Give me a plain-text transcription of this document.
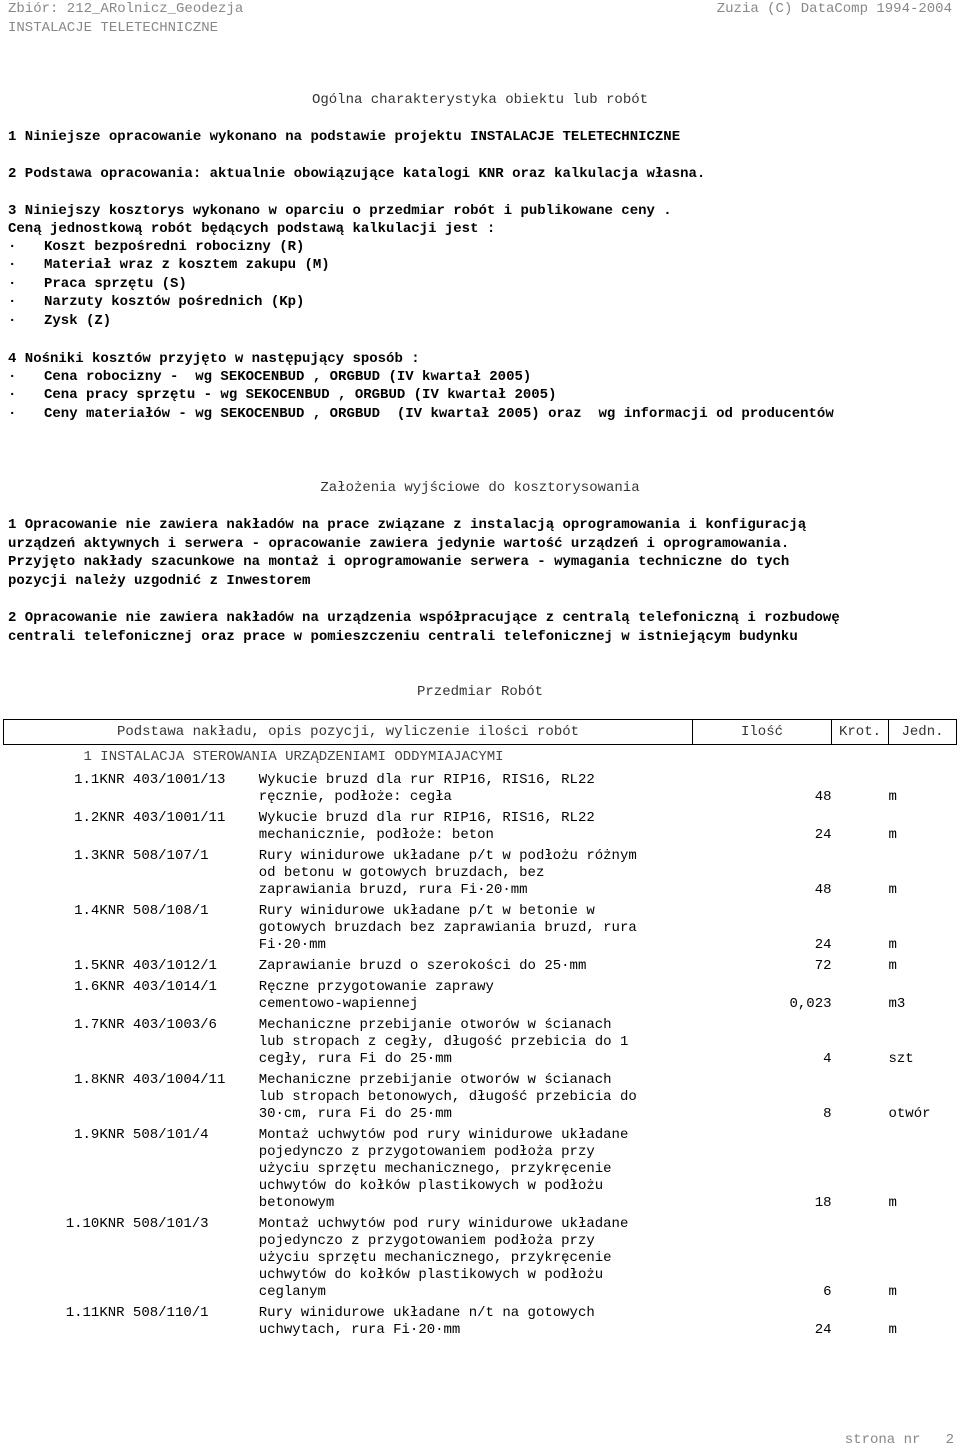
Zbiór: 212_ARolnicz_Geodezja	Zuzia (C) DataComp 1994-2004
INSTALACJE TELETECHNICZNE
Ogólna charakterystyka obiektu lub robót
1 Niniejsze opracowanie wykonano na podstawie projektu INSTALACJE TELETECHNICZNE
2 Podstawa opracowania: aktualnie obowiązujące katalogi KNR oraz kalkulacja własna.
3 Niniejszy kosztorys wykonano w oparciu o przedmiar robót i publikowane ceny .
Ceną jednostkową robót będących podstawą kalkulacji jest :
· Koszt bezpośredni robocizny (R)
· Materiał wraz z kosztem zakupu (M)
· Praca sprzętu (S)
· Narzuty kosztów pośrednich (Kp)
· Zysk (Z)
4 Nośniki kosztów przyjęto w następujący sposób :
· Cena robocizny -  wg SEKOCENBUD , ORGBUD (IV kwartał 2005)
· Cena pracy sprzętu - wg SEKOCENBUD , ORGBUD (IV kwartał 2005)
· Ceny materiałów - wg SEKOCENBUD , ORGBUD  (IV kwartał 2005) oraz  wg informacji od producentów
Założenia wyjściowe do kosztorysowania
1 Opracowanie nie zawiera nakładów na prace związane z instalacją oprogramowania i konfiguracją
urządzeń aktywnych i serwera - opracowanie zawiera jedynie wartość urządzeń i oprogramowania.
Przyjęto nakłady szacunkowe na montaż i oprogramowanie serwera - wymagania techniczne do tych
pozycji należy uzgodnić z Inwestorem
2 Opracowanie nie zawiera nakładów na urządzenia współpracujące z centralą telefoniczną i rozbudowę
centrali telefonicznej oraz prace w pomieszczeniu centrali telefonicznej w istniejącym budynku
Przedmiar Robót
Podstawa nakładu, opis pozycji, wyliczenie ilości robót			Ilość	Krot.	Jedn.
1 INSTALACJA STEROWANIA URZĄDZENIAMI ODDYMIAJACYMI					
1.1	KNR 403/1001/13	Wykucie bruzd dla rur RIP16, RIS16, RL22
ręcznie, podłoże: cegła	48		m
1.2	KNR 403/1001/11	Wykucie bruzd dla rur RIP16, RIS16, RL22
mechanicznie, podłoże: beton	24		m
1.3	KNR 508/107/1	Rury winidurowe układane p/t w podłożu różnym
od betonu w gotowych bruzdach, bez
zaprawiania bruzd, rura Fi·20·mm	48		m
1.4	KNR 508/108/1	Rury winidurowe układane p/t w betonie w
gotowych bruzdach bez zaprawiania bruzd, rura
Fi·20·mm	24		m
1.5	KNR 403/1012/1	Zaprawianie bruzd o szerokości do 25·mm	72		m
1.6	KNR 403/1014/1	Ręczne przygotowanie zaprawy
cementowo-wapiennej	0,023		m3
1.7	KNR 403/1003/6	Mechaniczne przebijanie otworów w ścianach
lub stropach z cegły, długość przebicia do 1
cegły, rura Fi do 25·mm	4		szt
1.8	KNR 403/1004/11	Mechaniczne przebijanie otworów w ścianach
lub stropach betonowych, długość przebicia do
30·cm, rura Fi do 25·mm	8		otwór
1.9	KNR 508/101/4	Montaż uchwytów pod rury winidurowe układane
pojedynczo z przygotowaniem podłoża przy
użyciu sprzętu mechanicznego, przykręcenie
uchwytów do kołków plastikowych w podłożu
betonowym	18		m
1.10	KNR 508/101/3	Montaż uchwytów pod rury winidurowe układane
pojedynczo z przygotowaniem podłoża przy
użyciu sprzętu mechanicznego, przykręcenie
uchwytów do kołków plastikowych w podłożu
ceglanym	6		m
1.11	KNR 508/110/1	Rury winidurowe układane n/t na gotowych
uchwytach, rura Fi·20·mm	24		m
strona nr   2
